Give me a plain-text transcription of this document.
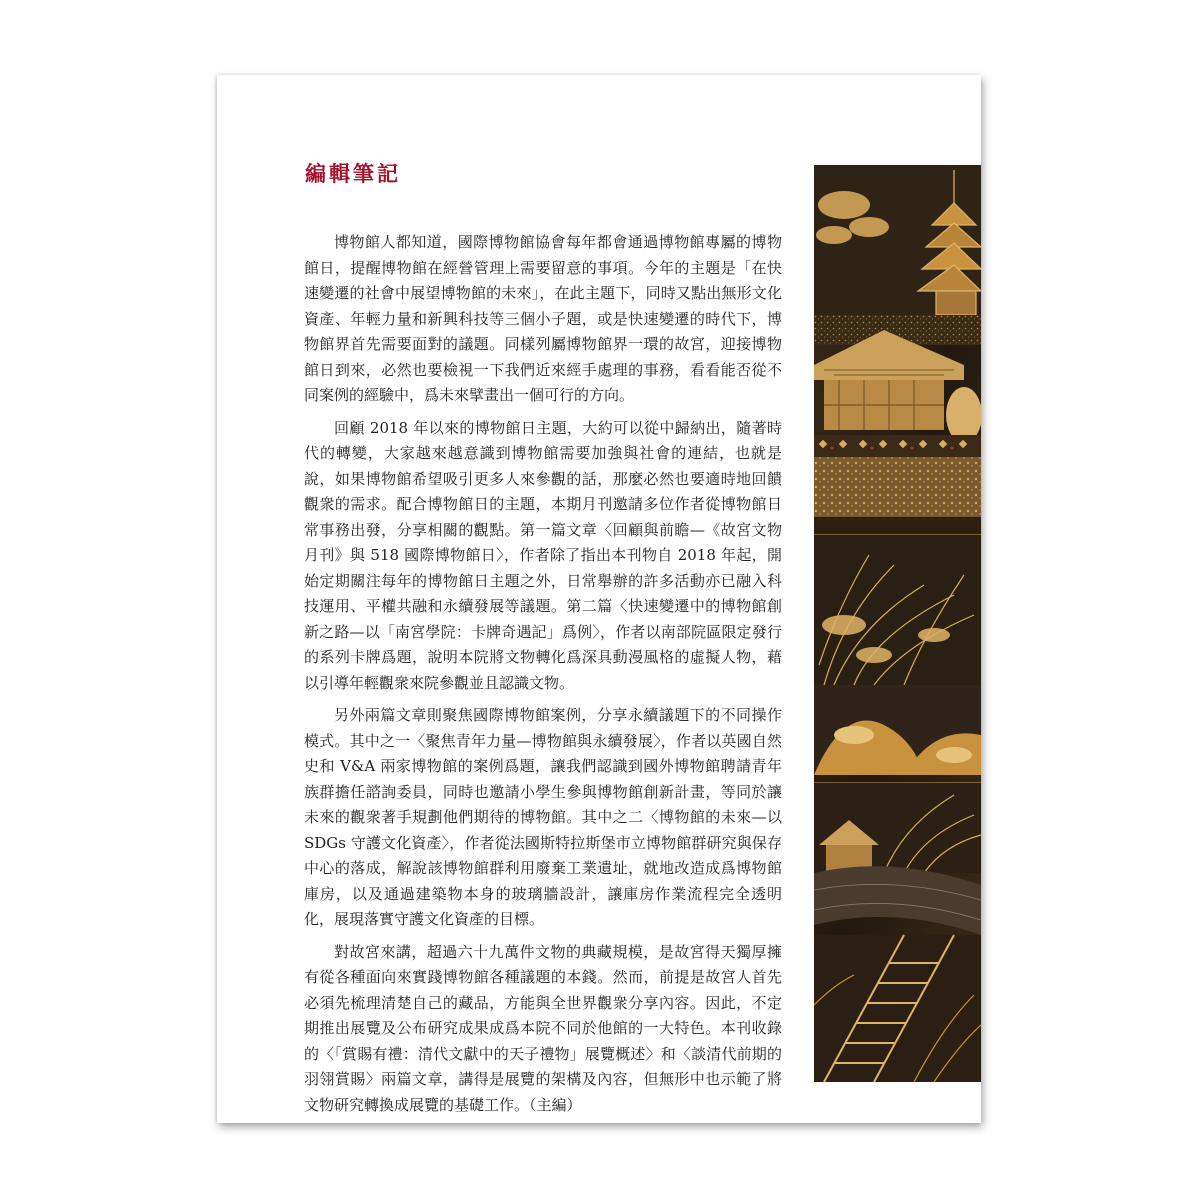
編輯筆記

博物館人都知道，國際博物館協會每年都會通過博物館專屬的博物館日，提醒博物館在經營管理上需要留意的事項。今年的主題是「在快速變遷的社會中展望博物館的未來」，在此主題下，同時又點出無形文化資產、年輕力量和新興科技等三個小子題，或是快速變遷的時代下，博物館界首先需要面對的議題。同樣列屬博物館界一環的故宮，迎接博物館日到來，必然也要檢視一下我們近來經手處理的事務，看看能否從不同案例的經驗中，爲未來擘畫出一個可行的方向。

回顧 2018 年以來的博物館日主題，大約可以從中歸納出，隨著時代的轉變，大家越來越意識到博物館需要加強與社會的連結，也就是說，如果博物館希望吸引更多人來參觀的話，那麼必然也要適時地回饋觀衆的需求。配合博物館日的主題，本期月刊邀請多位作者從博物館日常事務出發，分享相關的觀點。第一篇文章〈回顧與前瞻—《故宮文物月刊》與 518 國際博物館日〉，作者除了指出本刊物自 2018 年起，開始定期關注每年的博物館日主題之外，日常舉辦的許多活動亦已融入科技運用、平權共融和永續發展等議題。第二篇〈快速變遷中的博物館創新之路—以「南宮學院：卡牌奇遇記」爲例〉，作者以南部院區限定發行的系列卡牌爲題，說明本院將文物轉化爲深具動漫風格的虛擬人物，藉以引導年輕觀衆來院參觀並且認識文物。

另外兩篇文章則聚焦國際博物館案例，分享永續議題下的不同操作模式。其中之一〈聚焦青年力量—博物館與永續發展〉，作者以英國自然史和 V&A 兩家博物館的案例爲題，讓我們認識到國外博物館聘請青年族群擔任諮詢委員，同時也邀請小學生參與博物館創新計畫，等同於讓未來的觀衆著手規劃他們期待的博物館。其中之二〈博物館的未來—以 SDGs 守護文化資產〉，作者從法國斯特拉斯堡市立博物館群研究與保存中心的落成，解說該博物館群利用廢棄工業遺址，就地改造成爲博物館庫房，以及通過建築物本身的玻璃牆設計，讓庫房作業流程完全透明化，展現落實守護文化資產的目標。

對故宮來講，超過六十九萬件文物的典藏規模，是故宮得天獨厚擁有從各種面向來實踐博物館各種議題的本錢。然而，前提是故宮人首先必須先梳理清楚自己的藏品，方能與全世界觀衆分享內容。因此，不定期推出展覽及公布研究成果成爲本院不同於他館的一大特色。本刊收錄的〈「賞賜有禮：清代文獻中的天子禮物」展覽概述〉和〈談清代前期的羽翎賞賜〉兩篇文章，講得是展覽的架構及內容，但無形中也示範了將文物研究轉換成展覽的基礎工作。（主編）
